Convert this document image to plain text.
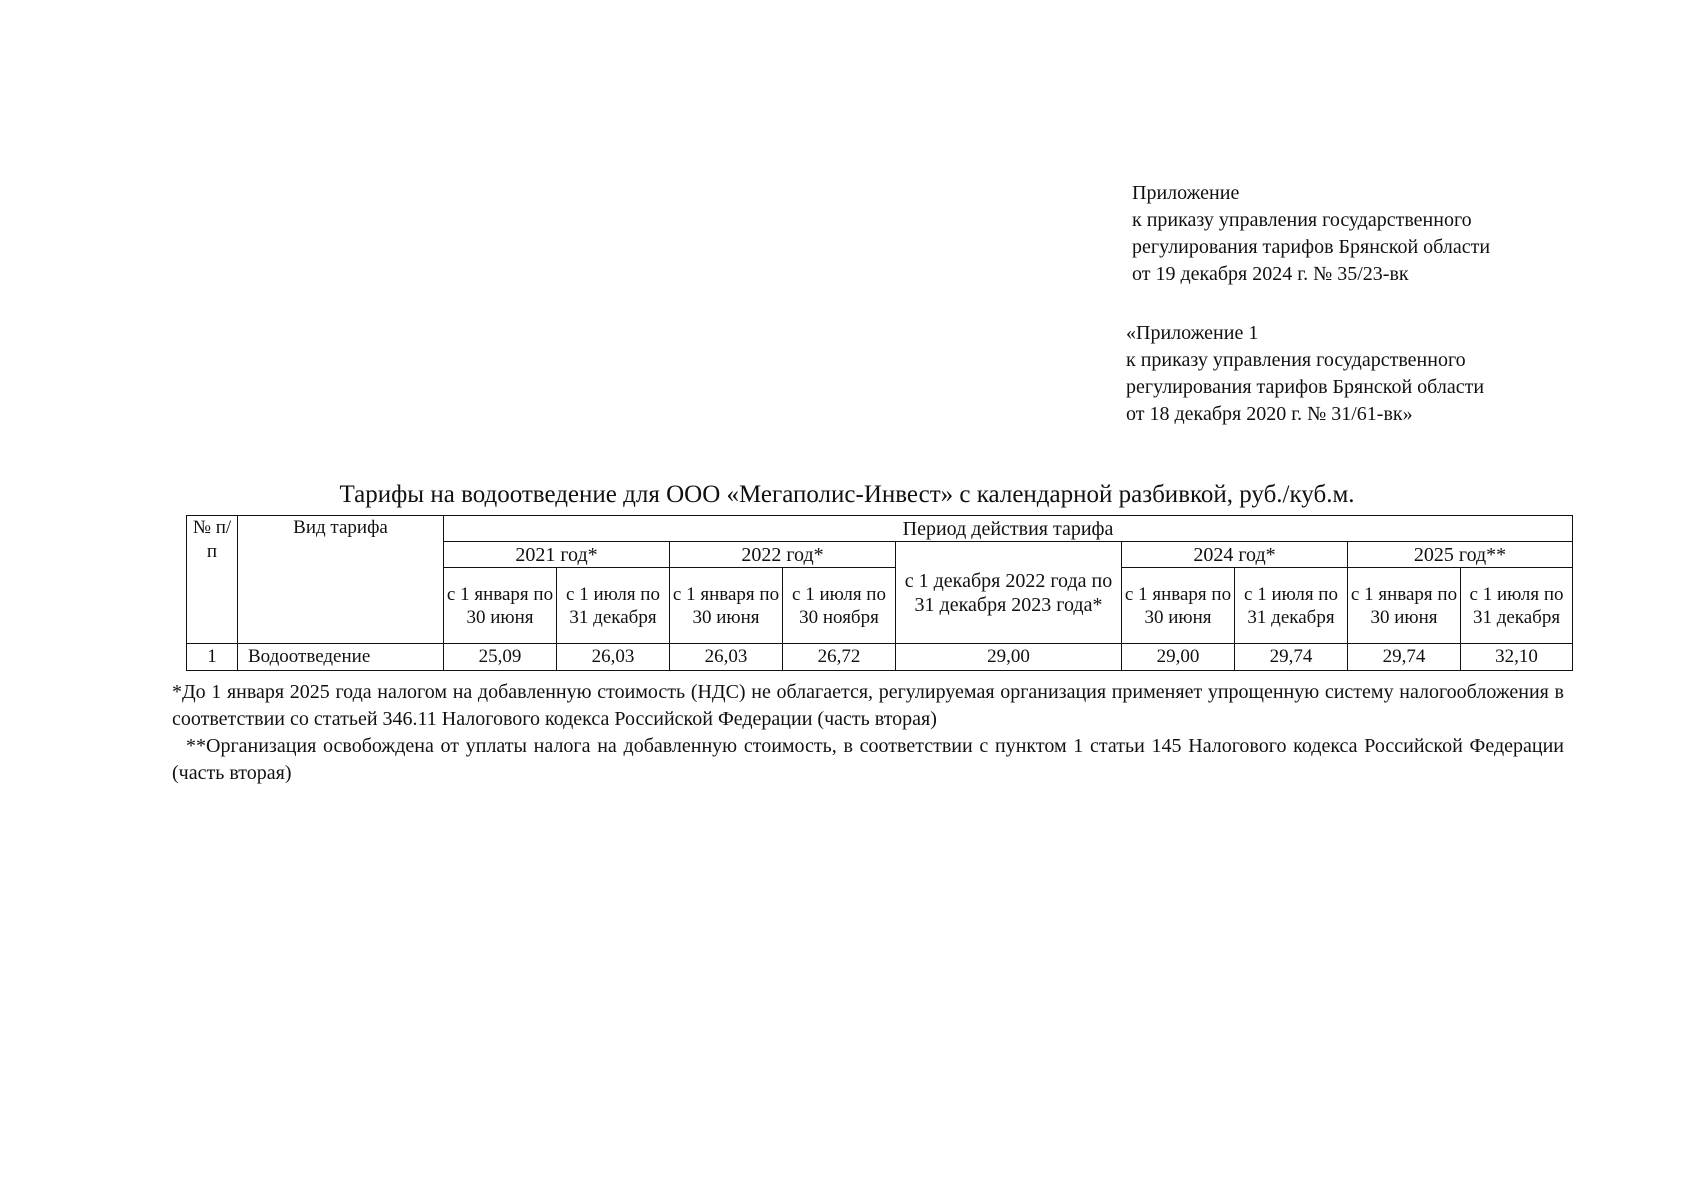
Приложение
к приказу управления государственного
регулирования тарифов Брянской области
от 19 декабря 2024 г. № 35/23-вк
«Приложение 1
к приказу управления государственного
регулирования тарифов Брянской области
от 18 декабря 2020 г. № 31/61-вк»
Тарифы на водоотведение для ООО «Мегаполис-Инвест» с календарной разбивкой, руб./куб.м.
№ п/п	Вид тарифа	Период действия тарифа								
		2021 год*		2022 год*		с 1 декабря 2022 года по 31 декабря 2023 года*	2024 год*		2025 год**	
		с 1 января по 30 июня	с 1 июля по 31 декабря	с 1 января по 30 июня	с 1 июля по 30 ноября		с 1 января по 30 июня	с 1 июля по 31 декабря	с 1 января по 30 июня	с 1 июля по 31 декабря
1	Водоотведение	25,09	26,03	26,03	26,72	29,00	29,00	29,74	29,74	32,10
*До 1 января 2025 года налогом на добавленную стоимость (НДС) не облагается, регулируемая организация применяет упрощенную систему налогообложения в соответствии со статьей 346.11 Налогового кодекса Российской Федерации (часть вторая)
**Организация освобождена от уплаты налога на добавленную стоимость, в соответствии с пунктом 1 статьи 145 Налогового кодекса Российской Федерации (часть вторая)
